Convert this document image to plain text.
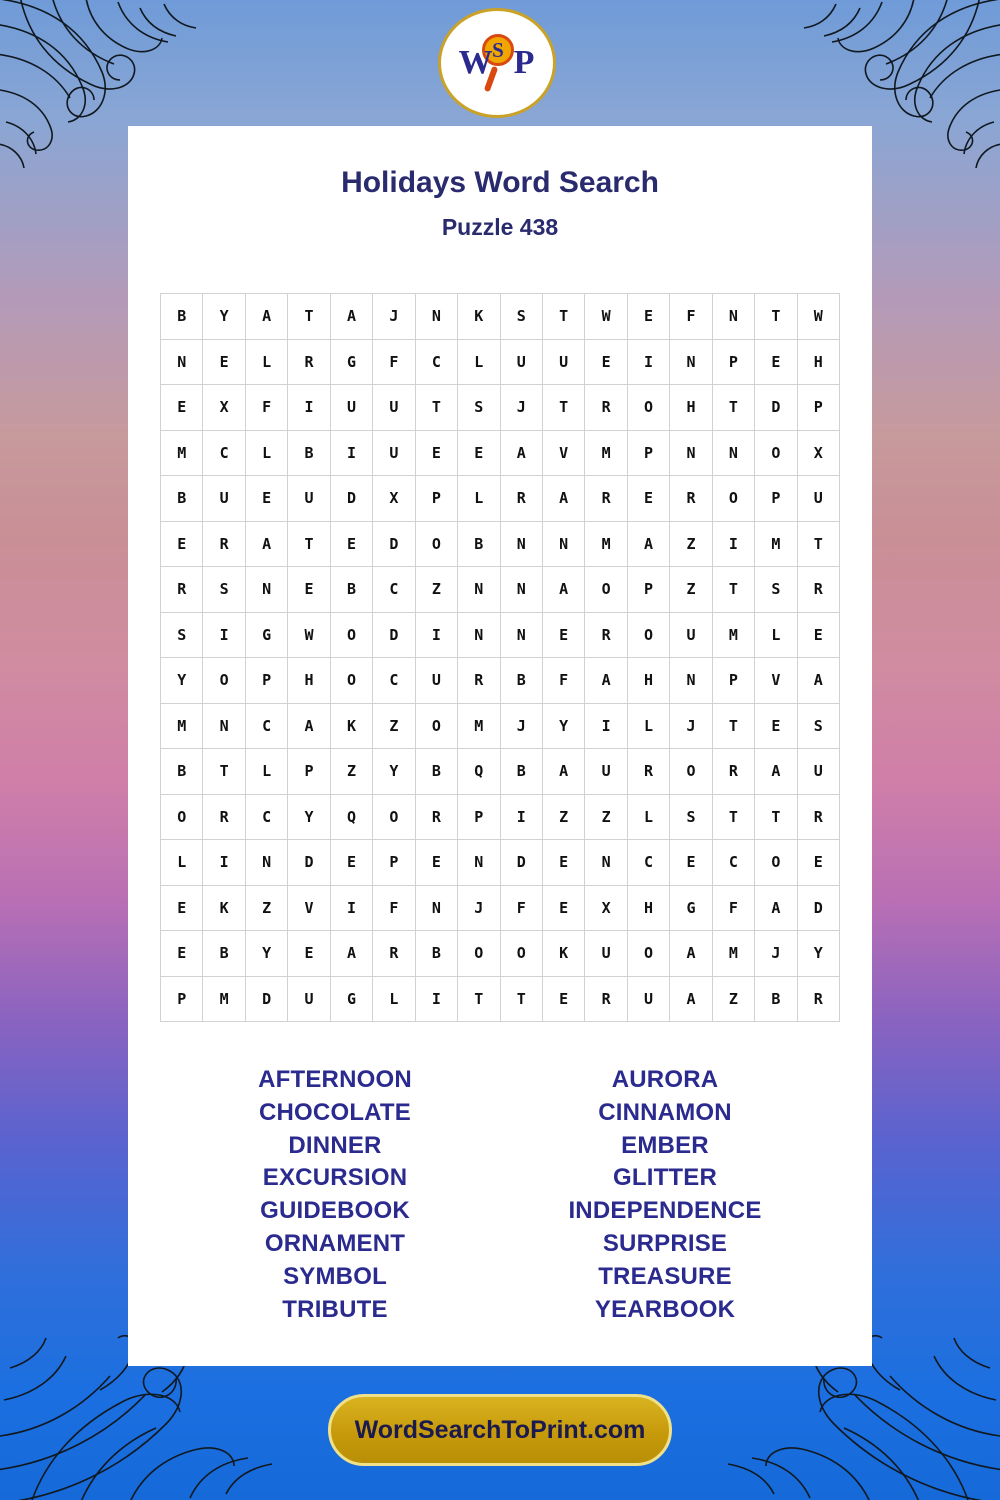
W P
S
Holidays Word Search
Puzzle 438
B	Y	A	T	A	J	N	K	S	T	W	E	F	N	T	W
N	E	L	R	G	F	C	L	U	U	E	I	N	P	E	H
E	X	F	I	U	U	T	S	J	T	R	O	H	T	D	P
M	C	L	B	I	U	E	E	A	V	M	P	N	N	O	X
B	U	E	U	D	X	P	L	R	A	R	E	R	O	P	U
E	R	A	T	E	D	O	B	N	N	M	A	Z	I	M	T
R	S	N	E	B	C	Z	N	N	A	O	P	Z	T	S	R
S	I	G	W	O	D	I	N	N	E	R	O	U	M	L	E
Y	O	P	H	O	C	U	R	B	F	A	H	N	P	V	A
M	N	C	A	K	Z	O	M	J	Y	I	L	J	T	E	S
B	T	L	P	Z	Y	B	Q	B	A	U	R	O	R	A	U
O	R	C	Y	Q	O	R	P	I	Z	Z	L	S	T	T	R
L	I	N	D	E	P	E	N	D	E	N	C	E	C	O	E
E	K	Z	V	I	F	N	J	F	E	X	H	G	F	A	D
E	B	Y	E	A	R	B	O	O	K	U	O	A	M	J	Y
P	M	D	U	G	L	I	T	T	E	R	U	A	Z	B	R
AFTERNOON
CHOCOLATE
DINNER
EXCURSION
GUIDEBOOK
ORNAMENT
SYMBOL
TRIBUTE
AURORA
CINNAMON
EMBER
GLITTER
INDEPENDENCE
SURPRISE
TREASURE
YEARBOOK
WordSearchToPrint.com
